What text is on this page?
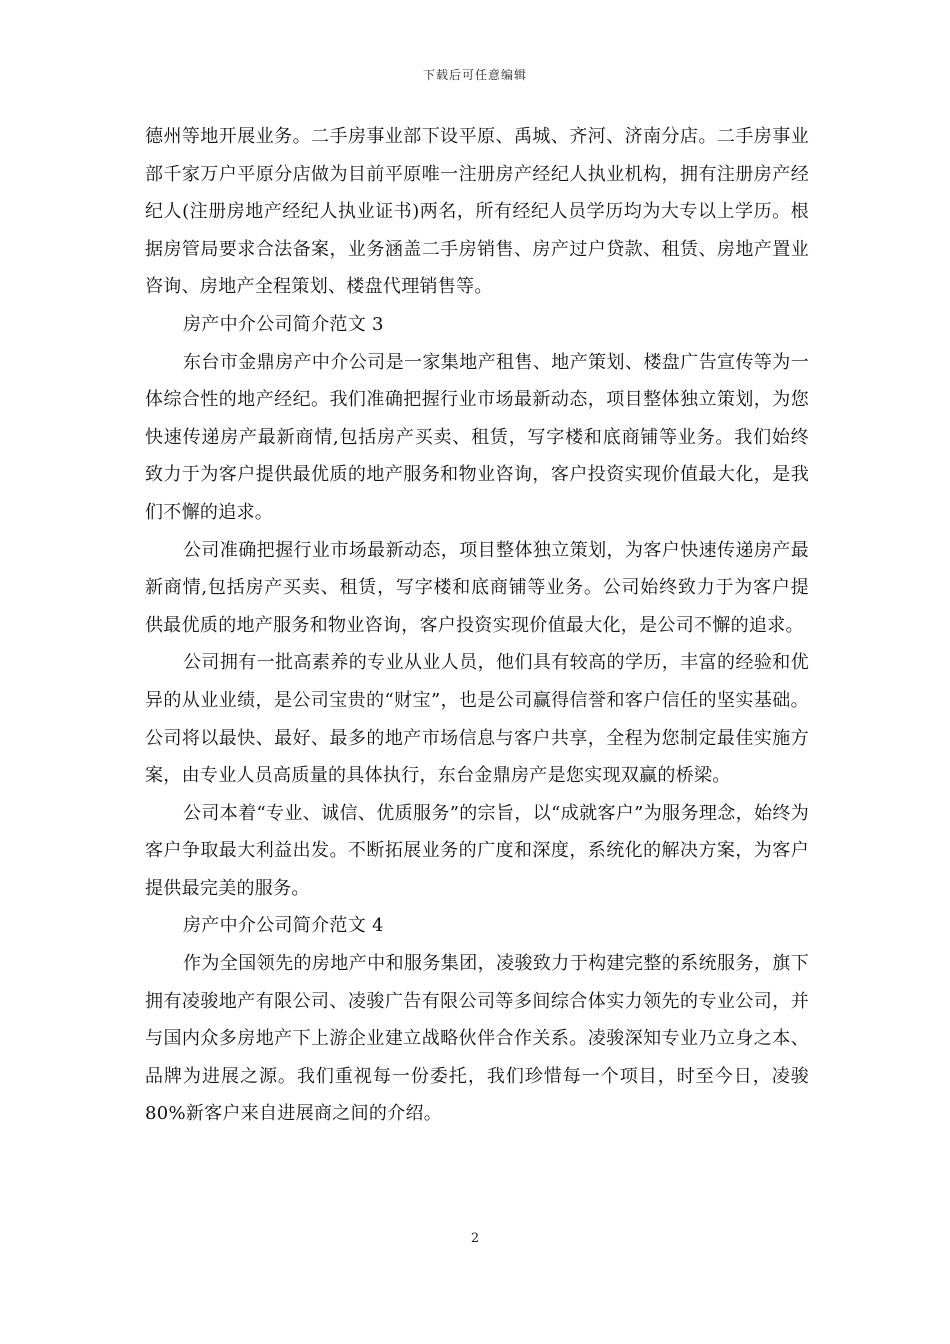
下载后可任意编辑

德州等地开展业务。二手房事业部下设平原、禹城、齐河、济南分店。二手房事业部千家万户平原分店做为目前平原唯一注册房产经纪人执业机构，拥有注册房产经纪人(注册房地产经纪人执业证书)两名，所有经纪人员学历均为大专以上学历。根据房管局要求合法备案，业务涵盖二手房销售、房产过户贷款、租赁、房地产置业咨询、房地产全程策划、楼盘代理销售等。

房产中介公司简介范文 3

东台市金鼎房产中介公司是一家集地产租售、地产策划、楼盘广告宣传等为一体综合性的地产经纪。我们准确把握行业市场最新动态，项目整体独立策划，为您快速传递房产最新商情,包括房产买卖、租赁，写字楼和底商铺等业务。我们始终致力于为客户提供最优质的地产服务和物业咨询，客户投资实现价值最大化，是我们不懈的追求。

公司准确把握行业市场最新动态，项目整体独立策划，为客户快速传递房产最新商情,包括房产买卖、租赁，写字楼和底商铺等业务。公司始终致力于为客户提供最优质的地产服务和物业咨询，客户投资实现价值最大化，是公司不懈的追求。

公司拥有一批高素养的专业从业人员，他们具有较高的学历，丰富的经验和优异的从业业绩，是公司宝贵的“财宝”，也是公司赢得信誉和客户信任的坚实基础。公司将以最快、最好、最多的地产市场信息与客户共享，全程为您制定最佳实施方案，由专业人员高质量的具体执行，东台金鼎房产是您实现双赢的桥梁。

公司本着“专业、诚信、优质服务”的宗旨，以“成就客户”为服务理念，始终为客户争取最大利益出发。不断拓展业务的广度和深度，系统化的解决方案，为客户提供最完美的服务。

房产中介公司简介范文 4

作为全国领先的房地产中和服务集团，凌骏致力于构建完整的系统服务，旗下拥有凌骏地产有限公司、凌骏广告有限公司等多间综合体实力领先的专业公司，并与国内众多房地产下上游企业建立战略伙伴合作关系。凌骏深知专业乃立身之本、品牌为进展之源。我们重视每一份委托，我们珍惜每一个项目，时至今日，凌骏 80%新客户来自进展商之间的介绍。

2
